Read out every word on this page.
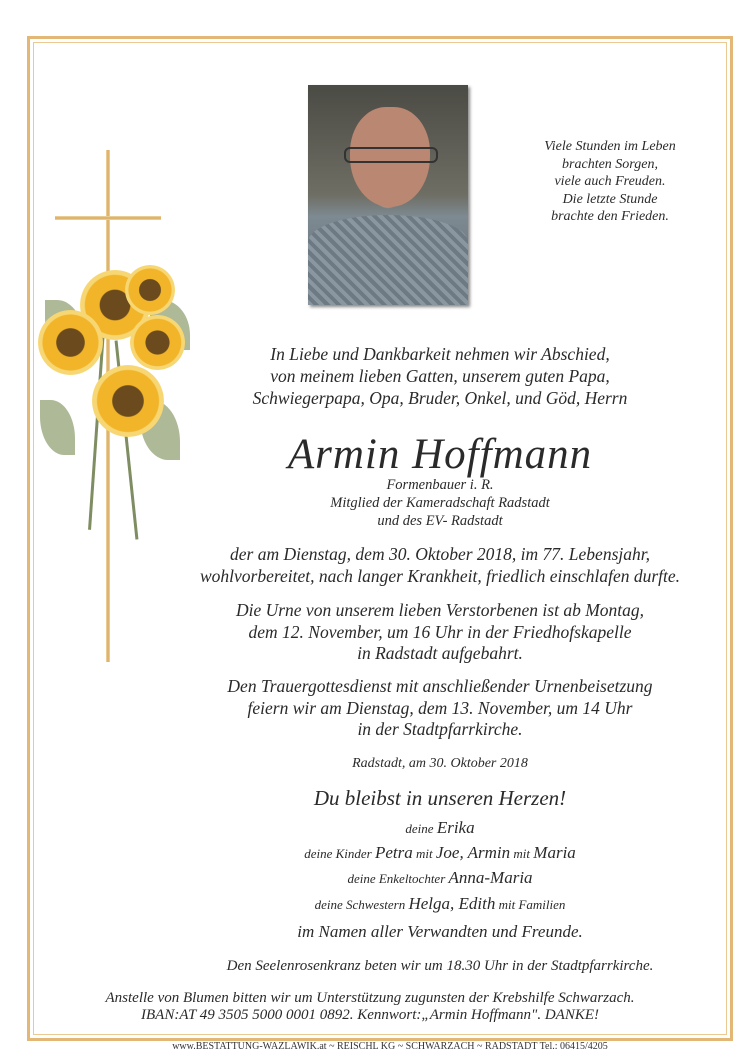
Viele Stunden im Leben
brachten Sorgen,
viele auch Freuden.
Die letzte Stunde
brachte den Frieden.
In Liebe und Dankbarkeit nehmen wir Abschied,
von meinem lieben Gatten, unserem guten Papa,
Schwiegerpapa, Opa, Bruder, Onkel, und Göd, Herrn
Armin Hoffmann
Formenbauer i. R.
Mitglied der Kameradschaft Radstadt
und des EV- Radstadt
der am Dienstag, dem 30. Oktober 2018, im 77. Lebensjahr,
wohlvorbereitet, nach langer Krankheit, friedlich einschlafen durfte.
Die Urne von unserem lieben Verstorbenen ist ab Montag,
dem 12. November, um 16 Uhr in der Friedhofskapelle
in Radstadt aufgebahrt.
Den Trauergottesdienst mit anschließender Urnenbeisetzung
feiern wir am Dienstag, dem 13. November, um 14 Uhr
in der Stadtpfarrkirche.
Radstadt, am 30. Oktober 2018
Du bleibst in unseren Herzen!
deine Erika
deine Kinder Petra mit Joe, Armin mit Maria
deine Enkeltochter Anna-Maria
deine Schwestern Helga, Edith mit Familien
im Namen aller Verwandten und Freunde.
Den Seelenrosenkranz beten wir um 18.30 Uhr in der Stadtpfarrkirche.
Anstelle von Blumen bitten wir um Unterstützung zugunsten der Krebshilfe Schwarzach.
IBAN:AT 49 3505 5000 0001 0892. Kennwort:„Armin Hoffmann". DANKE!
www.BESTATTUNG-WAZLAWIK.at ~ REISCHL KG ~ SCHWARZACH ~ RADSTADT Tel.: 06415/4205
